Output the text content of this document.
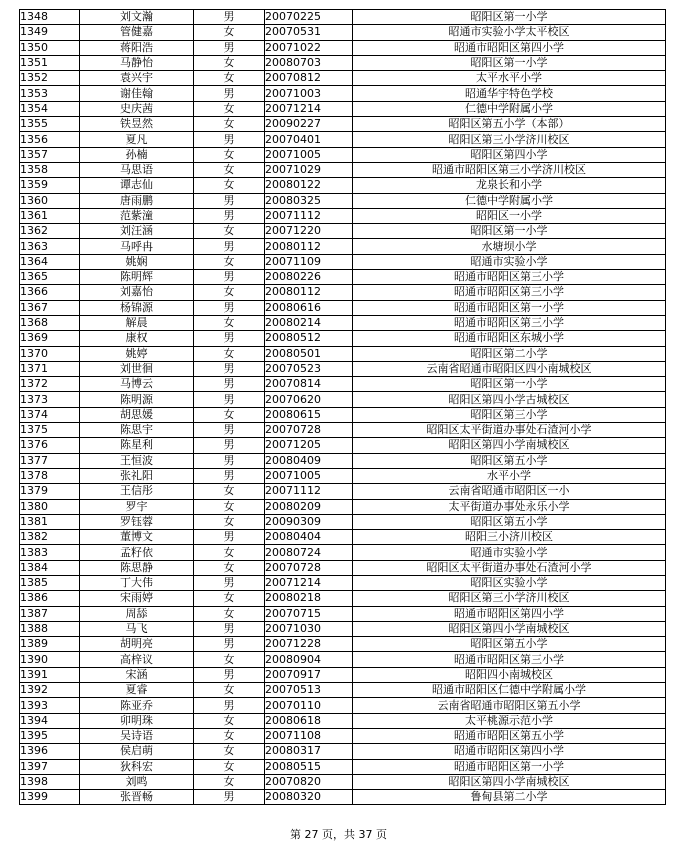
1348	刘文瀚	男	20070225	昭阳区第一小学
1349	管健嘉	女	20070531	昭通市实验小学太平校区
1350	蒋阳浩	男	20071022	昭通市昭阳区第四小学
1351	马静怡	女	20080703	昭阳区第一小学
1352	袁兴宇	女	20070812	太平水平小学
1353	谢佳翰	男	20071003	昭通华宇特色学校
1354	史庆茜	女	20071214	仁德中学附属小学
1355	铁昱然	女	20090227	昭阳区第五小学（本部）
1356	夏凡	男	20070401	昭阳区第三小学济川校区
1357	孙楠	女	20071005	昭阳区第四小学
1358	马思语	女	20071029	昭通市昭阳区第三小学济川校区
1359	谭志仙	女	20080122	龙泉长和小学
1360	唐雨鹏	男	20080325	仁德中学附属小学
1361	范紫潼	男	20071112	昭阳区一小学
1362	刘汪涵	女	20071220	昭阳区第一小学
1363	马呼冉	男	20080112	水塘坝小学
1364	姚娴	女	20071109	昭通市实验小学
1365	陈明辉	男	20080226	昭通市昭阳区第三小学
1366	刘嘉怡	女	20080112	昭通市昭阳区第三小学
1367	杨锦源	男	20080616	昭通市昭阳区第一小学
1368	解晨	女	20080214	昭通市昭阳区第三小学
1369	康权	男	20080512	昭通市昭阳区东城小学
1370	姚婷	女	20080501	昭阳区第二小学
1371	刘世徊	男	20070523	云南省昭通市昭阳区四小南城校区
1372	马博云	男	20070814	昭阳区第一小学
1373	陈明源	男	20070620	昭阳区第四小学古城校区
1374	胡思媛	女	20080615	昭阳区第三小学
1375	陈思宇	男	20070728	昭阳区太平街道办事处石渣河小学
1376	陈星利	男	20071205	昭阳区第四小学南城校区
1377	王恒波	男	20080409	昭阳区第五小学
1378	张礼阳	男	20071005	水平小学
1379	王信彤	女	20071112	云南省昭通市昭阳区一小
1380	罗宇	女	20080209	太平街道办事处永乐小学
1381	罗钰蓉	女	20090309	昭阳区第五小学
1382	董博文	男	20080404	昭阳三小济川校区
1383	孟籽依	女	20080724	昭通市实验小学
1384	陈思静	女	20070728	昭阳区太平街道办事处石渣河小学
1385	丁大伟	男	20071214	昭阳区实验小学
1386	宋雨婷	女	20080218	昭阳区第三小学济川校区
1387	周舔	女	20070715	昭通市昭阳区第四小学
1388	马飞	男	20071030	昭阳区第四小学南城校区
1389	胡明亮	男	20071228	昭阳区第五小学
1390	高梓议	女	20080904	昭通市昭阳区第三小学
1391	宋涵	男	20070917	昭阳四小南城校区
1392	夏睿	女	20070513	昭通市昭阳区仁德中学附属小学
1393	陈亚乔	男	20070110	云南省昭通市昭阳区第五小学
1394	卯明珠	女	20080618	太平桃源示范小学
1395	吴诗语	女	20071108	昭通市昭阳区第五小学
1396	侯启萌	女	20080317	昭通市昭阳区第四小学
1397	狄科宏	女	20080515	昭通市昭阳区第一小学
1398	刘鸣	女	20070820	昭阳区第四小学南城校区
1399	张晋畅	男	20080320	鲁甸县第二小学
第 27 页，共 37 页
